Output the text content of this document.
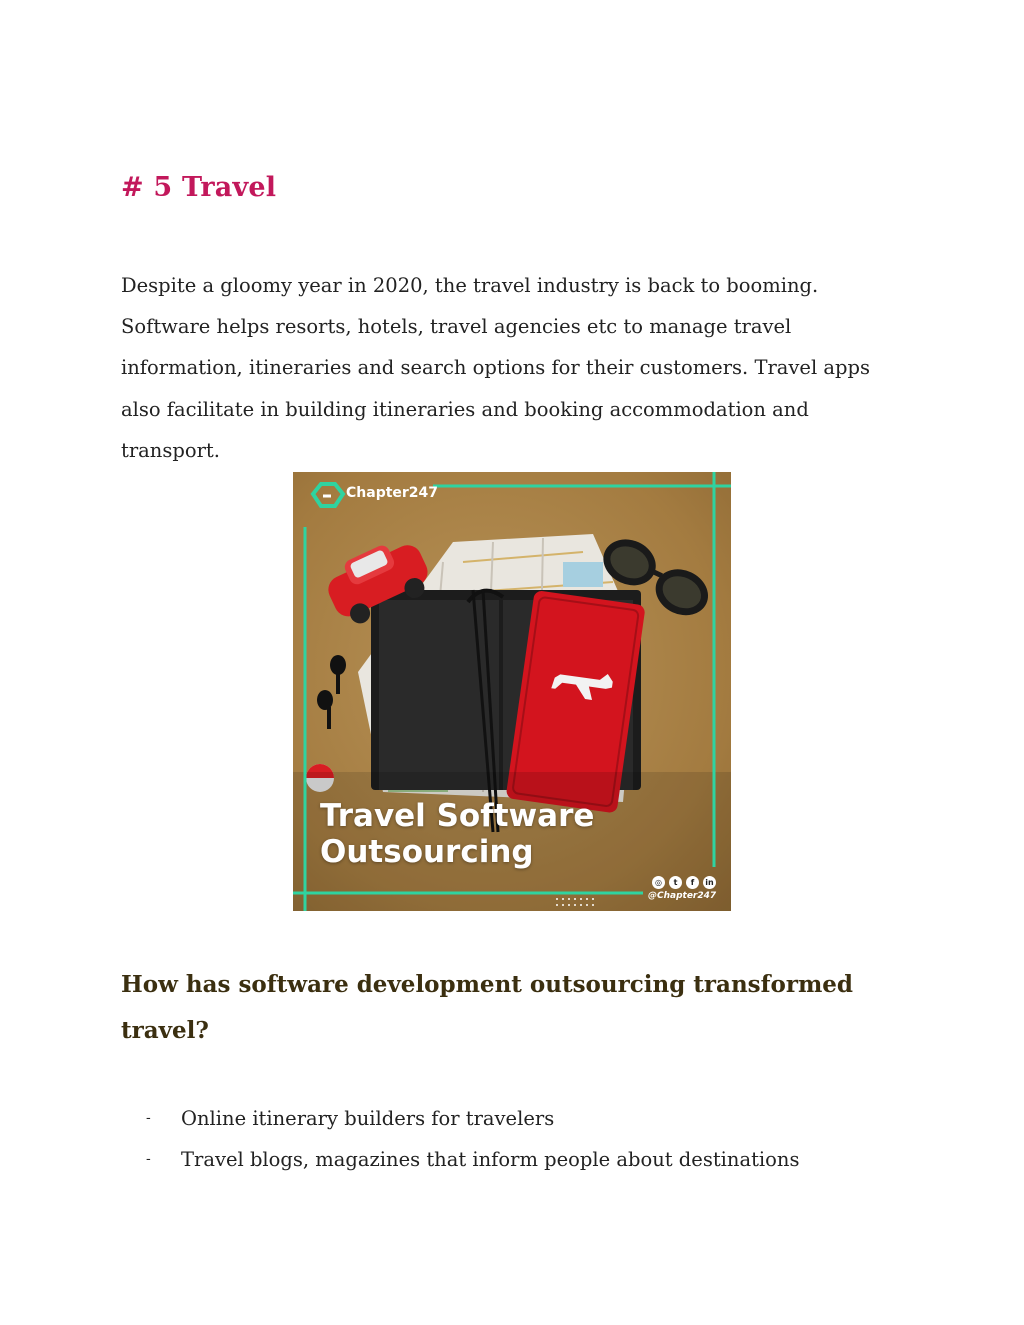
# 5 Travel

Despite a gloomy year in 2020, the travel industry is back to booming.
Software helps resorts, hotels, travel agencies etc to manage travel
information, itineraries and search options for their customers. Travel apps
also facilitate in building itineraries and booking accommodation and
transport.

Chapter247
Travel Software
Outsourcing
◎	t	f	in
@Chapter247
How has software development outsourcing transformed
travel?
- Online itinerary builders for travelers
- Travel blogs, magazines that inform people about destinations
